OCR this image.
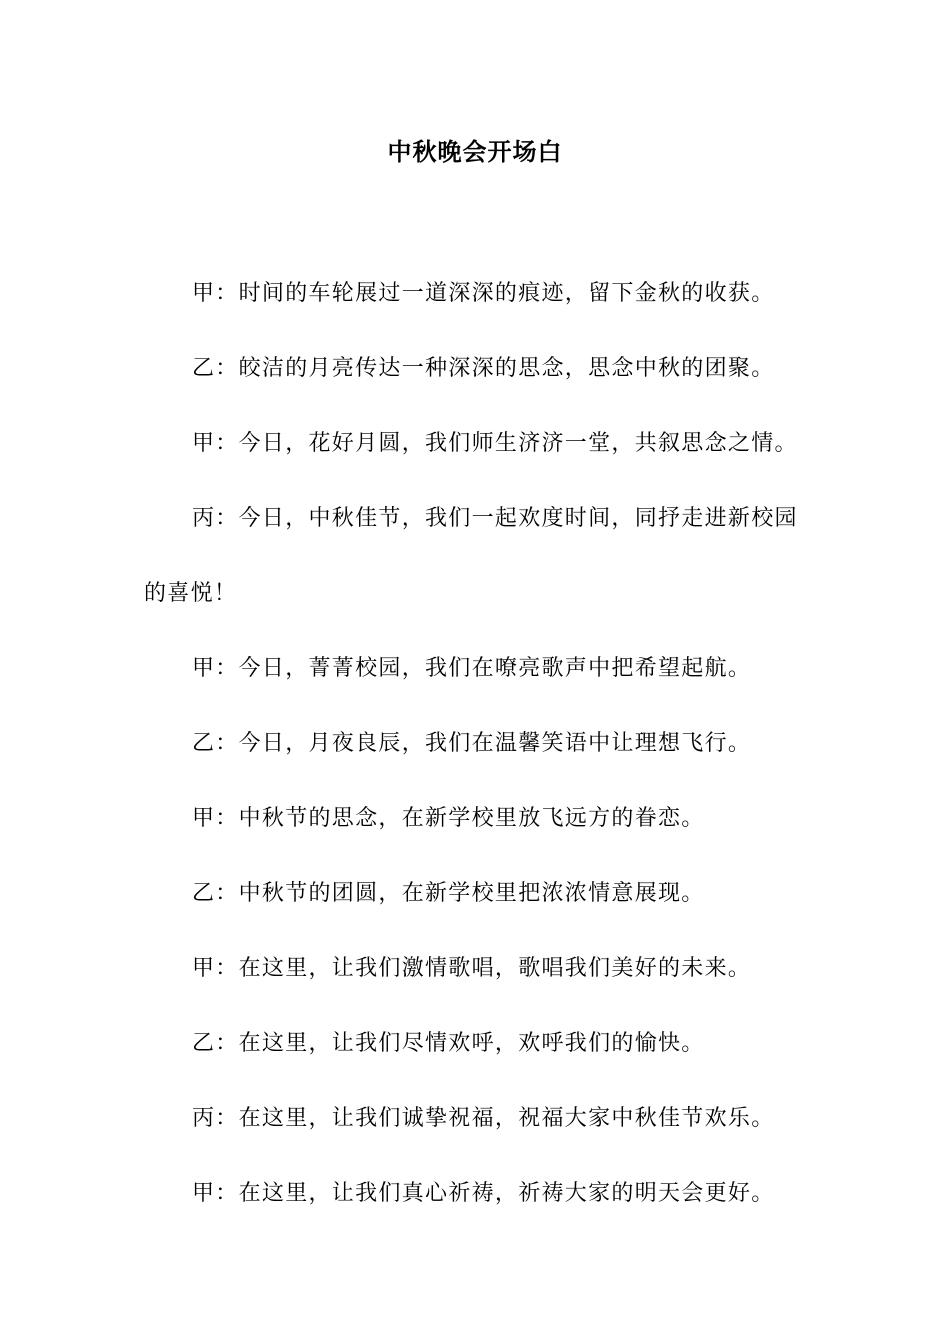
中秋晚会开场白

甲：时间的车轮展过一道深深的痕迹，留下金秋的收获。

乙：皎洁的月亮传达一种深深的思念，思念中秋的团聚。

甲：今日，花好月圆，我们师生济济一堂，共叙思念之情。

丙：今日，中秋佳节，我们一起欢度时间，同抒走进新校园的喜悦！

甲：今日，菁菁校园，我们在嘹亮歌声中把希望起航。

乙：今日，月夜良辰，我们在温馨笑语中让理想飞行。

甲：中秋节的思念，在新学校里放飞远方的眷恋。

乙：中秋节的团圆，在新学校里把浓浓情意展现。

甲：在这里，让我们激情歌唱，歌唱我们美好的未来。

乙：在这里，让我们尽情欢呼，欢呼我们的愉快。

丙：在这里，让我们诚挚祝福，祝福大家中秋佳节欢乐。

甲：在这里，让我们真心祈祷，祈祷大家的明天会更好。
